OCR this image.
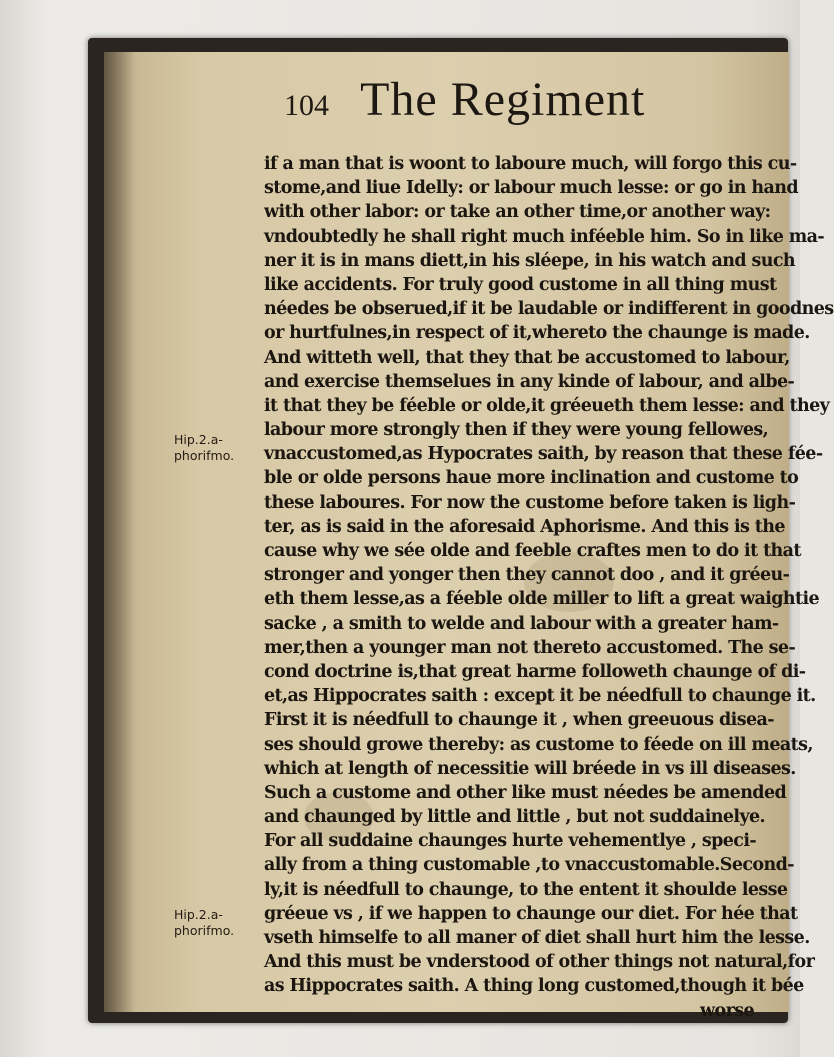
104 The Regiment
Hip.2.a-
phorifmo.
Hip.2.a-
phorifmo.
if a man that is woont to laboure much, will forgo this cu-
stome,and liue Idelly: or labour much lesse: or go in hand
with other labor: or take an other time,or another way:
vndoubtedly he shall right much inféeble him. So in like ma-
ner it is in mans diett,in his sléepe, in his watch and such
like accidents. For truly good custome in all thing must
néedes be obserued,if it be laudable or indifferent in goodnes
or hurtfulnes,in respect of it,whereto the chaunge is made.
And witteth well, that they that be accustomed to labour,
and exercise themselues in any kinde of labour, and albe-
it that they be féeble or olde,it gréeueth them lesse: and they
labour more strongly then if they were young fellowes,
vnaccustomed,as Hypocrates saith, by reason that these fée-
ble or olde persons haue more inclination and custome to
these laboures. For now the custome before taken is ligh-
ter, as is said in the aforesaid Aphorisme. And this is the
cause why we sée olde and feeble craftes men to do it that
stronger and yonger then they cannot doo , and it gréeu-
eth them lesse,as a féeble olde miller to lift a great waightie
sacke , a smith to welde and labour with a greater ham-
mer,then a younger man not thereto accustomed. The se-
cond doctrine is,that great harme followeth chaunge of di-
et,as Hippocrates saith : except it be néedfull to chaunge it.
First it is néedfull to chaunge it , when greeuous disea-
ses should growe thereby: as custome to féede on ill meats,
which at length of necessitie will bréede in vs ill diseases.
Such a custome and other like must néedes be amended
and chaunged by little and little , but not suddainelye.
For all suddaine chaunges hurte vehementlye , speci-
ally from a thing customable ,to vnaccustomable.Second-
ly,it is néedfull to chaunge, to the entent it shoulde lesse
gréeue vs , if we happen to chaunge our diet. For hée that
vseth himselfe to all maner of diet shall hurt him the lesse.
And this must be vnderstood of other things not natural,for
as Hippocrates saith. A thing long customed,though it bée
worse
